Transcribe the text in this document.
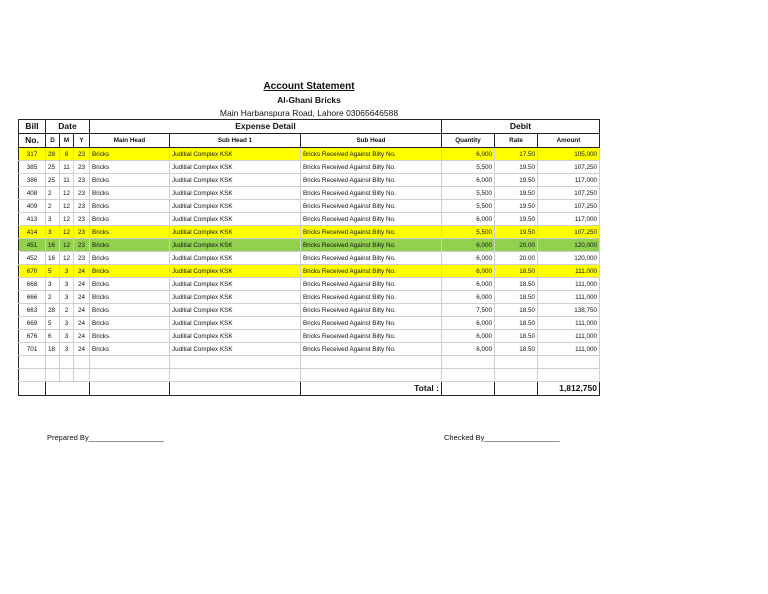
Account Statement
Al-Ghani Bricks
Main Harbanspura Road, Lahore 03065646588
Bill	Date			Expense Detail			Debit		
No.	D	M	Y	Main Head	Sub Head 1	Sub Head	Quantity	Rate	Amount
317	28	8	23	Bricks	Juditial Complex KSK	Bricks Received Against Bilty No.	6,000	17.50	105,000
385	25	11	23	Bricks	Juditial Complex KSK	Bricks Received Against Bilty No.	5,500	19.50	107,250
386	25	11	23	Bricks	Juditial Complex KSK	Bricks Received Against Bilty No.	6,000	19.50	117,000
408	2	12	23	Bricks	Juditial Complex KSK	Bricks Received Against Bilty No.	5,500	19.50	107,250
409	2	12	23	Bricks	Juditial Complex KSK	Bricks Received Against Bilty No.	5,500	19.50	107,250
413	3	12	23	Bricks	Juditial Complex KSK	Bricks Received Against Bilty No.	6,000	19.50	117,000
414	3	12	23	Bricks	Juditial Complex KSK	Bricks Received Against Bilty No.	5,500	19.50	107,250
451	16	12	23	Bricks	Juditial Complex KSK	Bricks Received Against Bilty No.	6,000	20.00	120,000
452	16	12	23	Bricks	Juditial Complex KSK	Bricks Received Against Bilty No.	6,000	20.00	120,000
670	5	3	24	Bricks	Juditial Complex KSK	Bricks Received Against Bilty No.	6,000	18.50	111,000
668	3	3	24	Bricks	Juditial Complex KSK	Bricks Received Against Bilty No.	6,000	18.50	111,000
666	2	3	24	Bricks	Juditial Complex KSK	Bricks Received Against Bilty No.	6,000	18.50	111,000
663	28	2	24	Bricks	Juditial Complex KSK	Bricks Received Against Bilty No.	7,500	18.50	138,750
669	5	3	24	Bricks	Juditial Complex KSK	Bricks Received Against Bilty No.	6,000	18.50	111,000
676	6	3	24	Bricks	Juditial Complex KSK	Bricks Received Against Bilty No.	6,000	18.50	111,000
701	18	3	24	Bricks	Juditial Complex KSK	Bricks Received Against Bilty No.	6,000	18.50	111,000

						Total :			1,812,750
Prepared By__________________	Checked By__________________
